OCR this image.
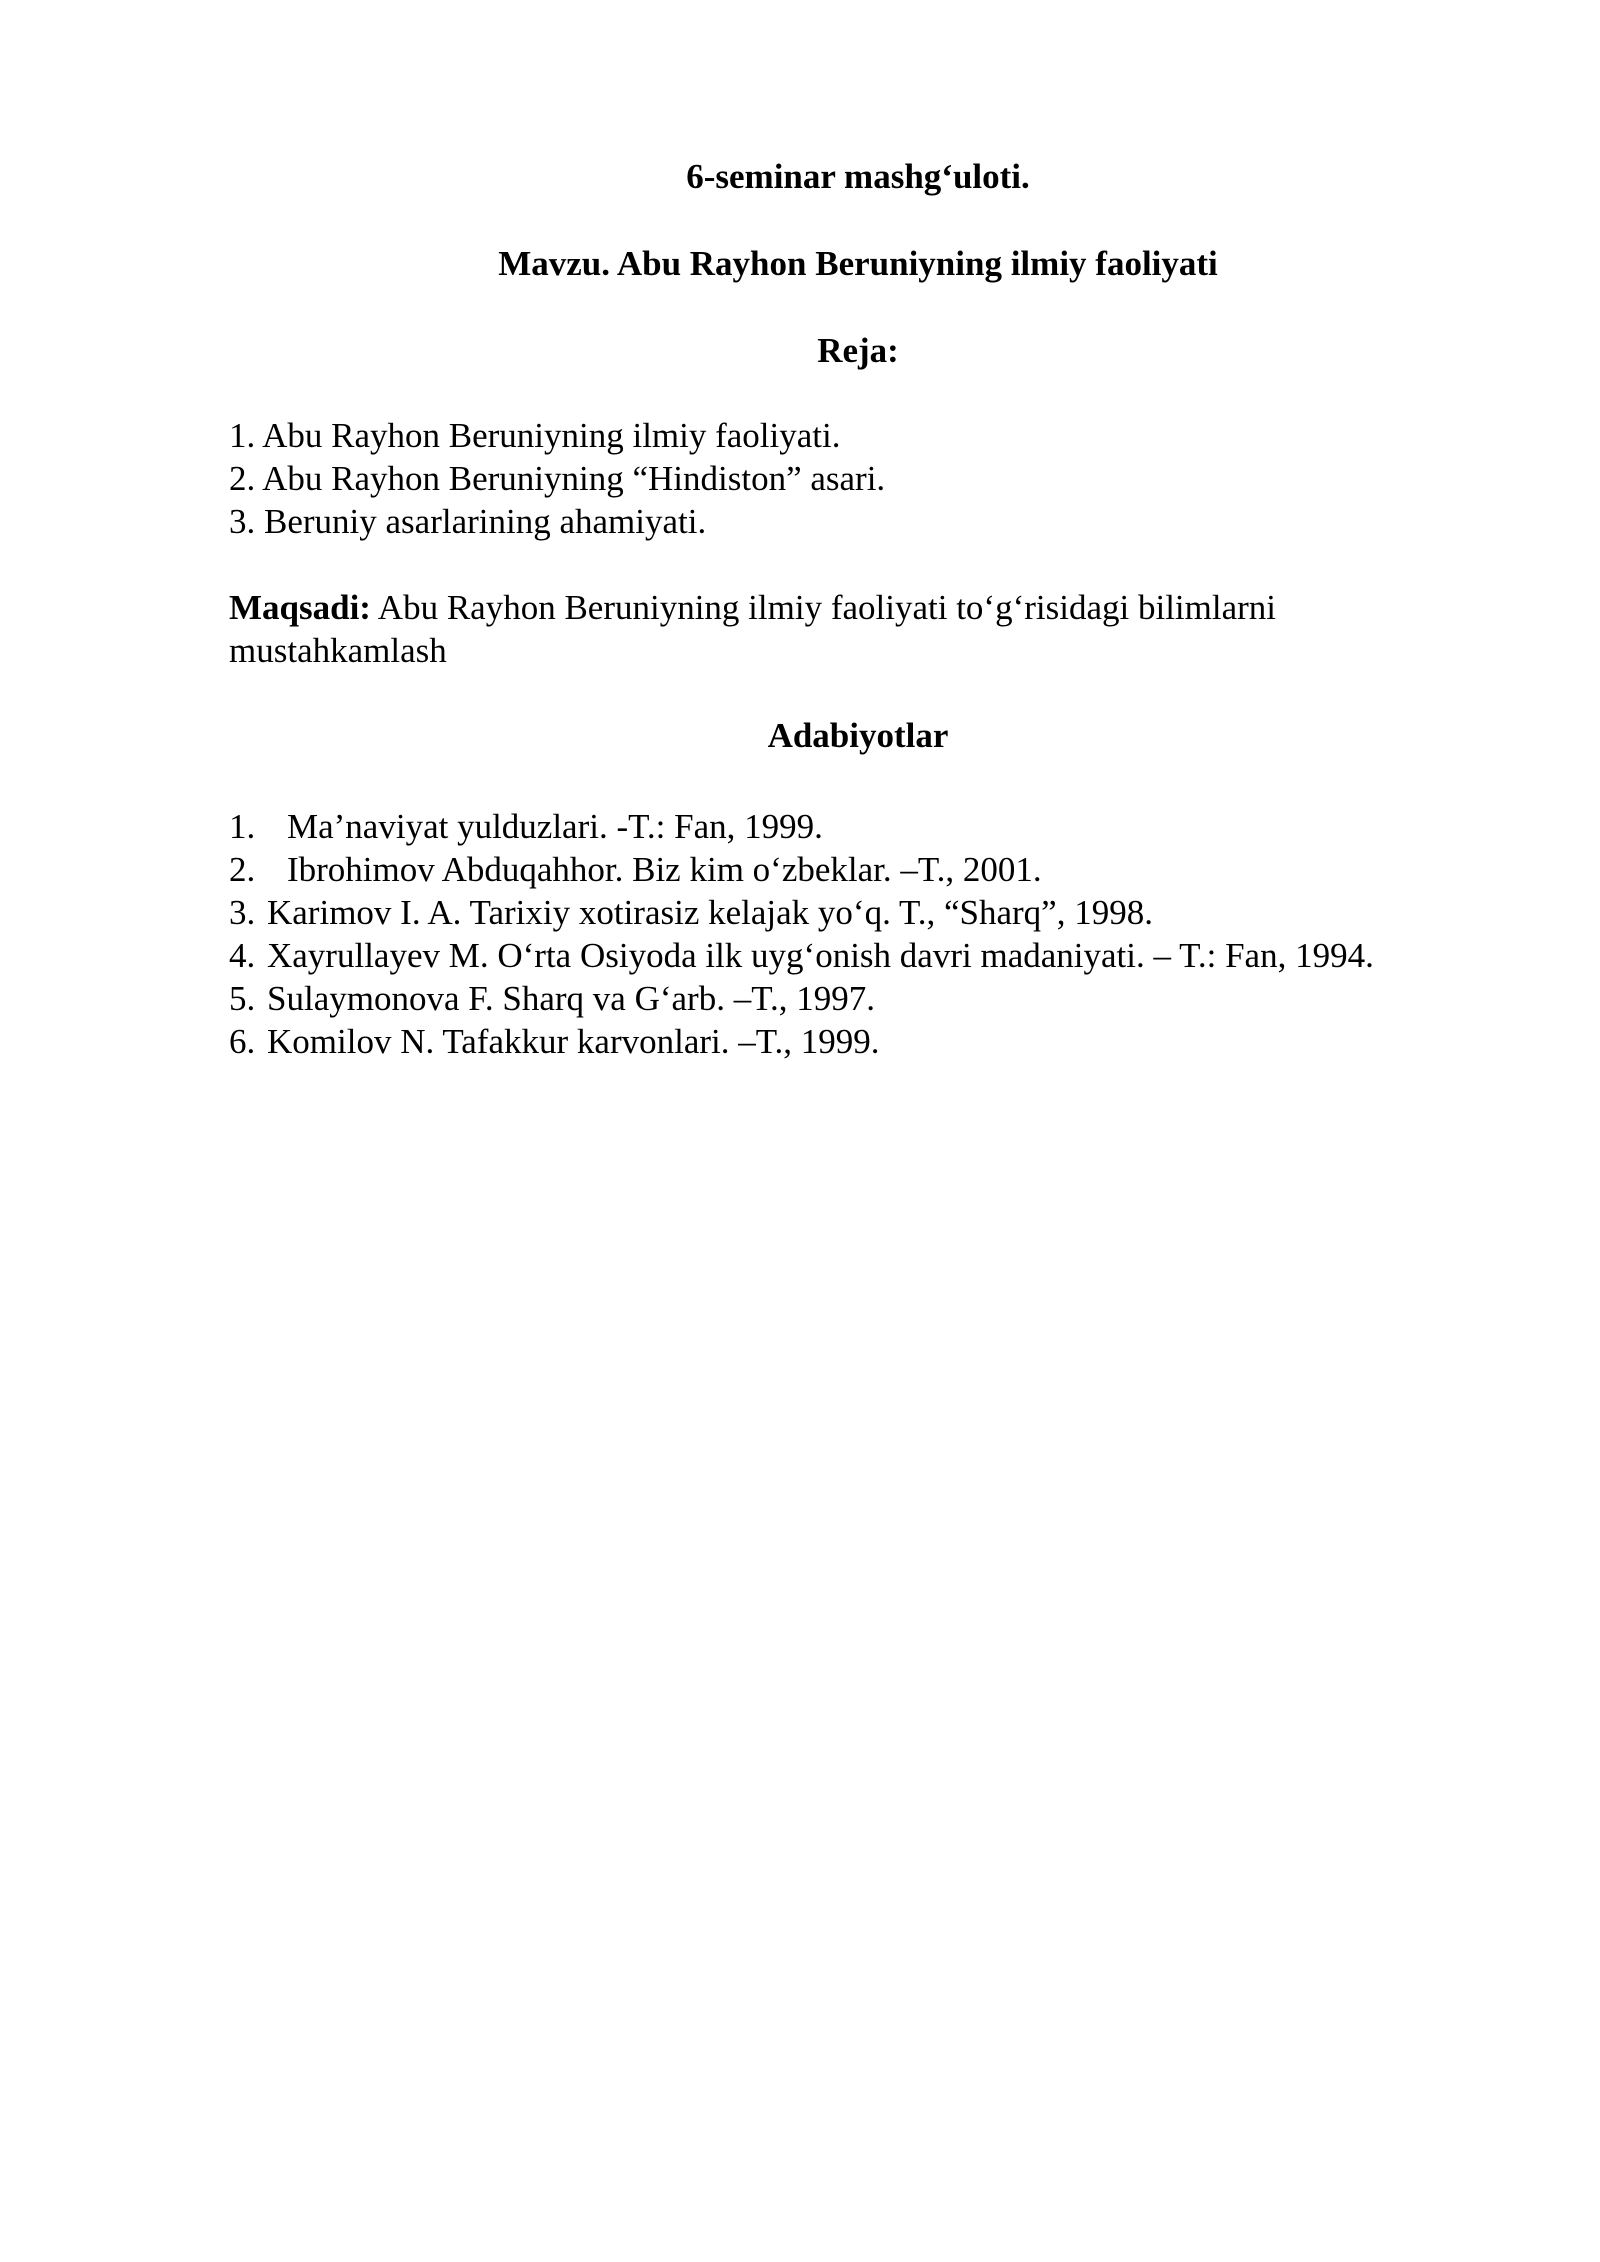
6-seminar mashg‘uloti.
Mavzu. Abu Rayhon Beruniyning ilmiy faoliyati
Reja:
1. Abu Rayhon Beruniyning ilmiy faoliyati.
2. Abu Rayhon Beruniyning “Hindiston” asari.
3. Beruniy asarlarining ahamiyati.
Maqsadi: Abu Rayhon Beruniyning ilmiy faoliyati to‘g‘risidagi bilimlarni mustahkamlash
Adabiyotlar
1. Ma’naviyat yulduzlari. -T.: Fan, 1999.
2. Ibrohimov Abduqahhor. Biz kim o‘zbeklar. –T., 2001.
3. Karimov I. A. Tarixiy xotirasiz kelajak yo‘q. T., “Sharq”, 1998.
4. Xayrullayev M. O‘rta Osiyoda ilk uyg‘onish davri madaniyati. – T.: Fan, 1994.
5. Sulaymonova F. Sharq va G‘arb. –T., 1997.
6. Komilov N. Tafakkur karvonlari. –T., 1999.
